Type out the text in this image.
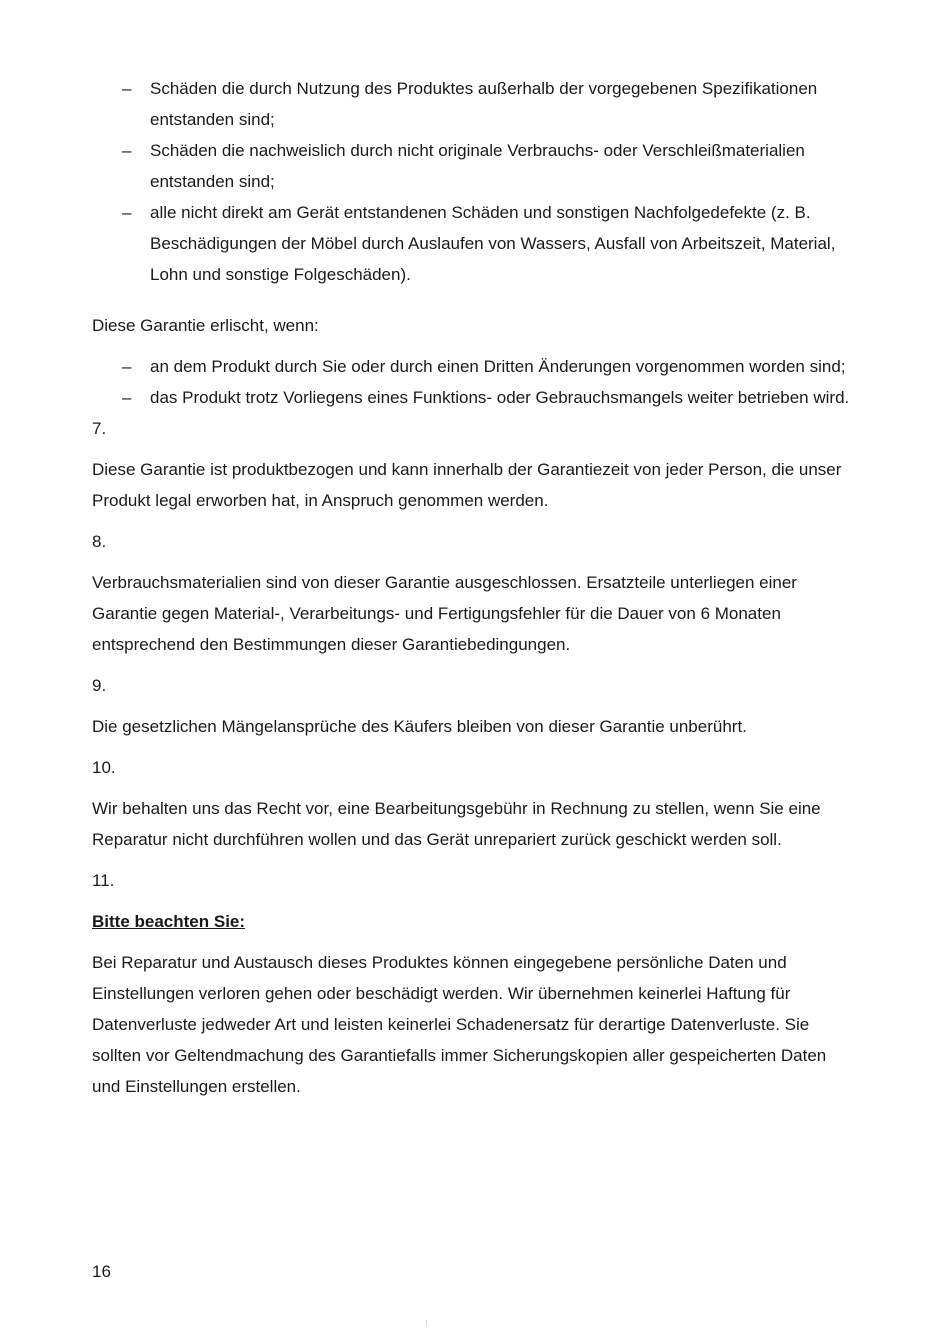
– Schäden die durch Nutzung des Produktes außerhalb der vorgegebenen Spezifikationen entstanden sind;
– Schäden die nachweislich durch nicht originale Verbrauchs- oder Verschleißmaterialien entstanden sind;
– alle nicht direkt am Gerät entstandenen Schäden und sonstigen Nachfolgedefekte (z. B. Beschädigungen der Möbel durch Auslaufen von Wassers, Ausfall von Arbeitszeit, Material, Lohn und sonstige Folgeschäden).

Diese Garantie erlischt, wenn:

– an dem Produkt durch Sie oder durch einen Dritten Änderungen vorgenommen worden sind;
– das Produkt trotz Vorliegens eines Funktions- oder Gebrauchsmangels weiter betrieben wird.

7.

Diese Garantie ist produktbezogen und kann innerhalb der Garantiezeit von jeder Person, die unser Produkt legal erworben hat, in Anspruch genommen werden.

8.

Verbrauchsmaterialien sind von dieser Garantie ausgeschlossen. Ersatzteile unterliegen einer Garantie gegen Material-, Verarbeitungs- und Fertigungsfehler für die Dauer von 6 Monaten entsprechend den Bestimmungen dieser Garantiebedingungen.

9.

Die gesetzlichen Mängelansprüche des Käufers bleiben von dieser Garantie unberührt.

10.

Wir behalten uns das Recht vor, eine Bearbeitungsgebühr in Rechnung zu stellen, wenn Sie eine Reparatur nicht durchführen wollen und das Gerät unrepariert zurück geschickt werden soll.

11.

Bitte beachten Sie:

Bei Reparatur und Austausch dieses Produktes können eingegebene persönliche Daten und Einstellungen verloren gehen oder beschädigt werden. Wir übernehmen keinerlei Haftung für Datenverluste jedweder Art und leisten keinerlei Schadenersatz für derartige Datenverluste. Sie sollten vor Geltendmachung des Garantiefalls immer Sicherungskopien aller gespeicherten Daten und Einstellungen erstellen.

16
⁝
